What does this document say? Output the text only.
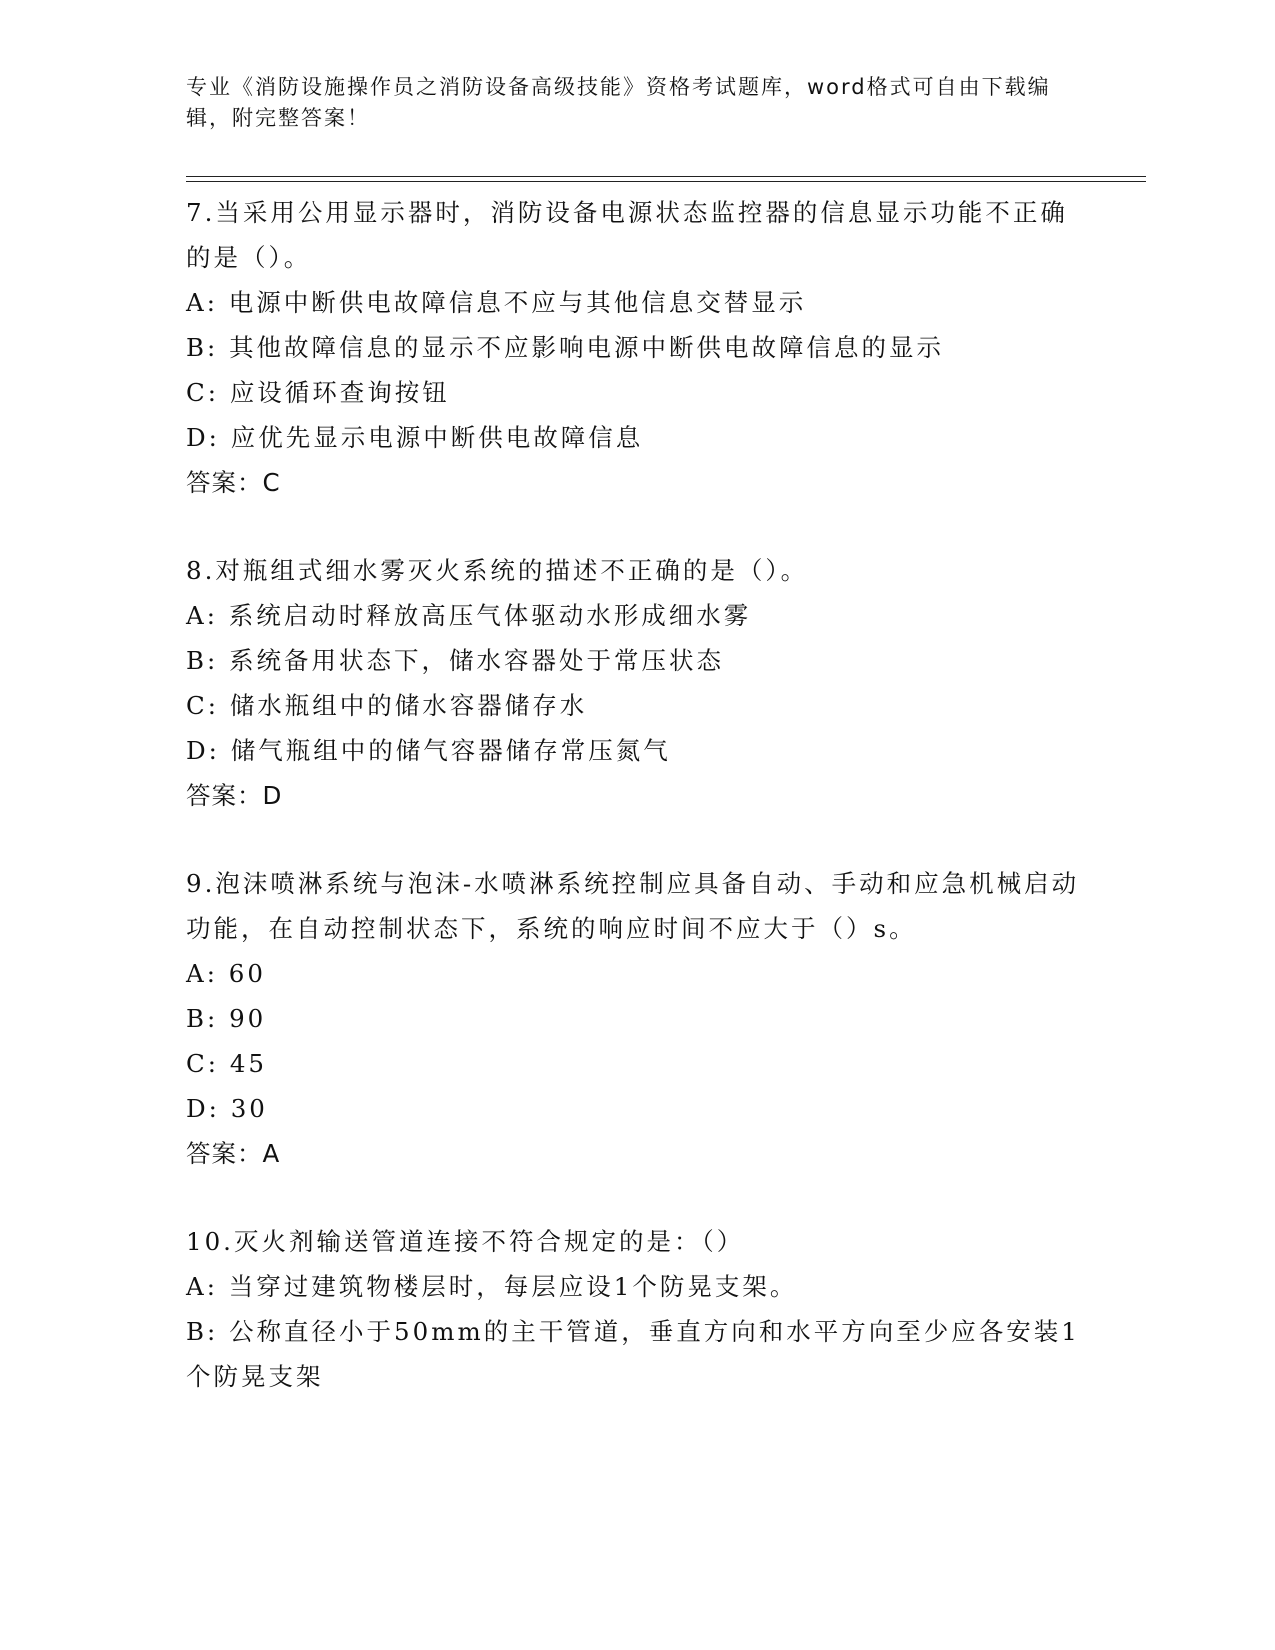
专业《消防设施操作员之消防设备高级技能》资格考试题库，word格式可自由下载编辑，附完整答案！
7.当采用公用显示器时，消防设备电源状态监控器的信息显示功能不正确的是（）。
A: 电源中断供电故障信息不应与其他信息交替显示
B: 其他故障信息的显示不应影响电源中断供电故障信息的显示
C: 应设循环查询按钮
D: 应优先显示电源中断供电故障信息
答案：C
8.对瓶组式细水雾灭火系统的描述不正确的是（）。
A: 系统启动时释放高压气体驱动水形成细水雾
B: 系统备用状态下，储水容器处于常压状态
C: 储水瓶组中的储水容器储存水
D: 储气瓶组中的储气容器储存常压氮气
答案：D
9.泡沫喷淋系统与泡沫-水喷淋系统控制应具备自动、手动和应急机械启动功能，在自动控制状态下，系统的响应时间不应大于（）s。
A: 60
B: 90
C: 45
D: 30
答案：A
10.灭火剂输送管道连接不符合规定的是：（）
A: 当穿过建筑物楼层时，每层应设1个防晃支架。
B: 公称直径小于50mm的主干管道，垂直方向和水平方向至少应各安装1个防晃支架
